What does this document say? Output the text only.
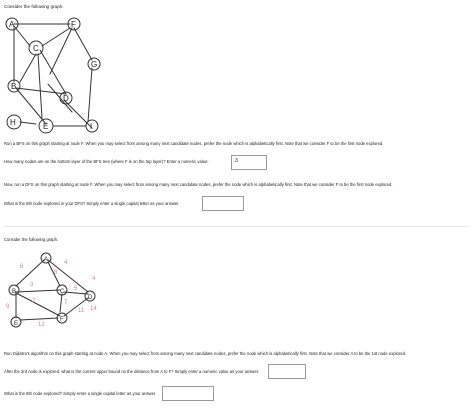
Consider the following graph.
A	F
C
G
B
D
H	E	I
Run a BFS on this graph starting at node F. When you may select from among many next candidate nodes, prefer the node which is alphabetically first. Note that we consider F to be the first node explored.
How many nodes are on the bottom layer of the BFS tree (where F is on the top layer)? Enter a numeric value:	3
Now, run a DFS on this graph starting at node F. When you may select from among many next candidate nodes, prefer the node which is alphabetically first. Note that we consider F to be the first node explored.
What is the 6th node explored in your DFS? Simply enter a single capital letter as your answer.
Consider the following graph.
6
4
8
3
9
2	7
5
12
11 14
4
A
B	C
D
E
F
Run Dijkstra's algorithm on this graph starting at node A. When you may select from among many next candidate nodes, prefer the node which is alphabetically first. Note that we consider A to be the 1st node explored.
After the 3rd node is explored, what is the current upper bound on the distance from A to F? Simply enter a numeric value as your answer.
What is the 6th node explored? Simply enter a single capital letter as your answer.
